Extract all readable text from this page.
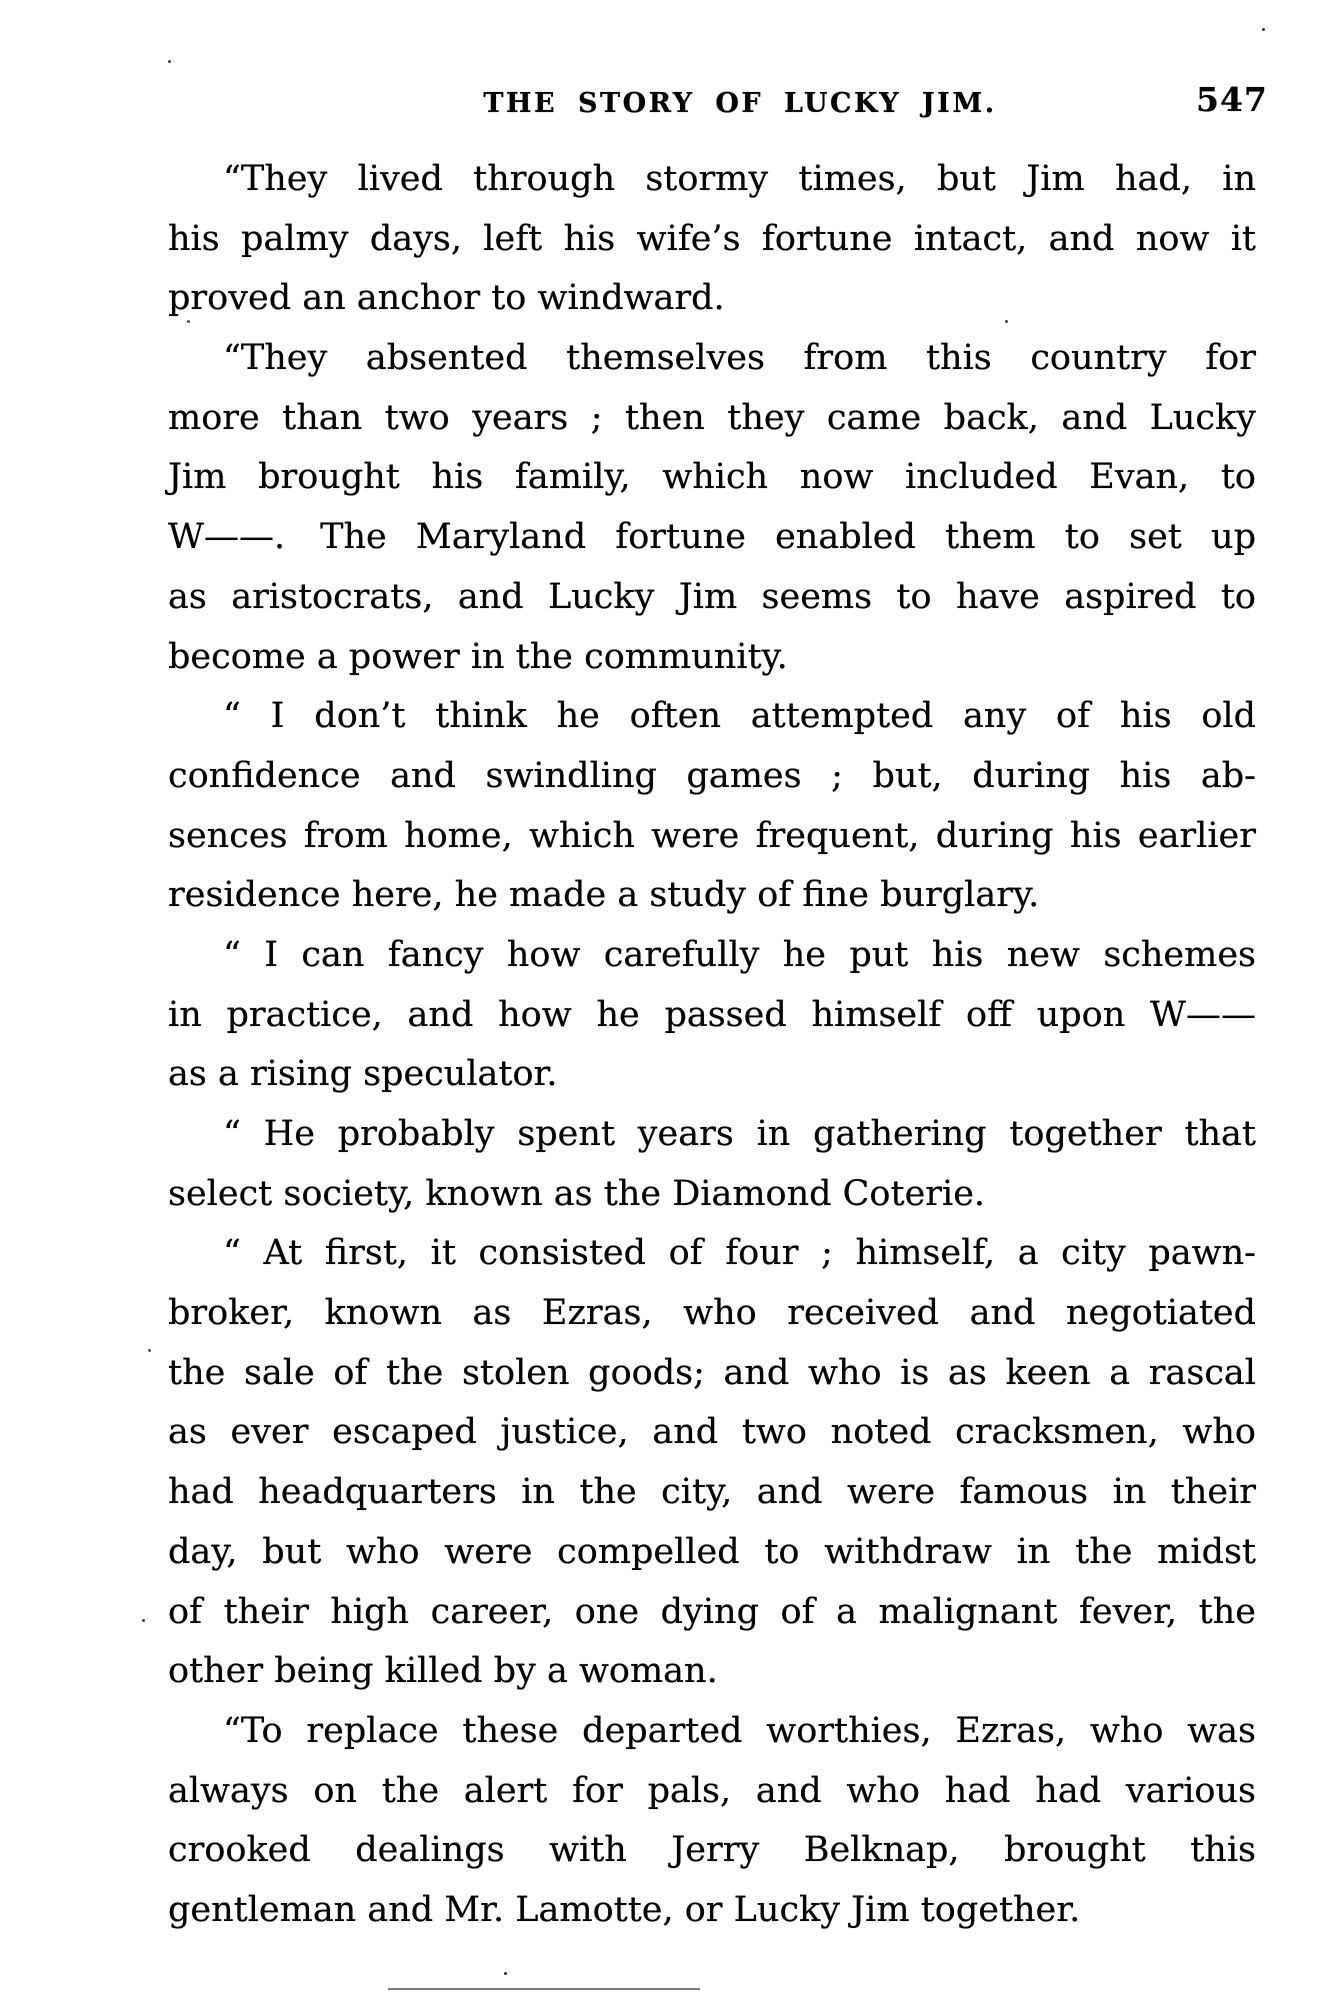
THE STORY OF LUCKY JIM.	547
“They lived through stormy times, but Jim had, in
his palmy days, left his wife’s fortune intact, and now it
proved an anchor to windward.
“They absented themselves from this country for
more than two years ; then they came back, and Lucky
Jim brought his family, which now included Evan, to
W——. The Maryland fortune enabled them to set up
as aristocrats, and Lucky Jim seems to have aspired to
become a power in the community.
“ I don’t think he often attempted any of his old
confidence and swindling games ; but, during his ab-
sences from home, which were frequent, during his earlier
residence here, he made a study of fine burglary.
“ I can fancy how carefully he put his new schemes
in practice, and how he passed himself off upon W——
as a rising speculator.
“ He probably spent years in gathering together that
select society, known as the Diamond Coterie.
“ At first, it consisted of four ; himself, a city pawn-
broker, known as Ezras, who received and negotiated
the sale of the stolen goods; and who is as keen a rascal
as ever escaped justice, and two noted cracksmen, who
had headquarters in the city, and were famous in their
day, but who were compelled to withdraw in the midst
of their high career, one dying of a malignant fever, the
other being killed by a woman.
“To replace these departed worthies, Ezras, who was
always on the alert for pals, and who had had various
crooked dealings with Jerry Belknap, brought this
gentleman and Mr. Lamotte, or Lucky Jim together.
